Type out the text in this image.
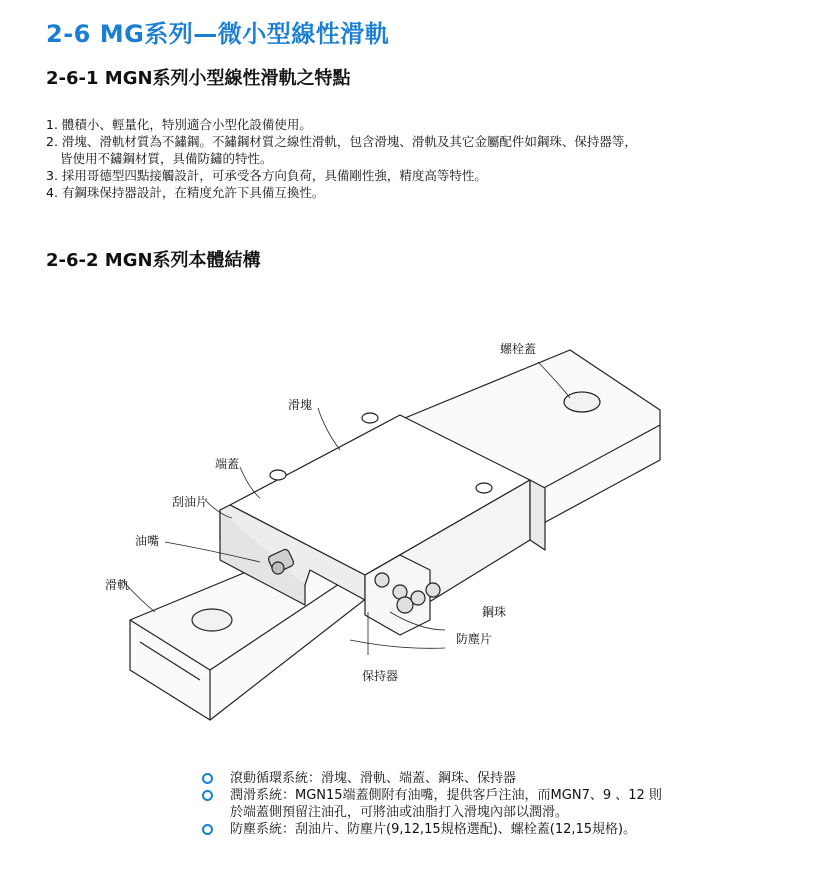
2-6 MG系列—微小型線性滑軌
2-6-1 MGN系列小型線性滑軌之特點
1. 體積小、輕量化，特別適合小型化設備使用。
2. 滑塊、滑軌材質為不鏽鋼。不鏽鋼材質之線性滑軌，包含滑塊、滑軌及其它金屬配件如鋼珠、保持器等，
皆使用不鏽鋼材質，具備防鏽的特性。
3. 採用哥德型四點接觸設計，可承受各方向負荷，具備剛性強，精度高等特性。
4. 有鋼珠保持器設計，在精度允許下具備互換性。
2-6-2 MGN系列本體結構
螺栓蓋
滑塊
端蓋
刮油片
油嘴
滑軌
鋼珠
防塵片
保持器
滾動循環系統：滑塊、滑軌、端蓋、鋼珠、保持器
潤滑系統：MGN15端蓋側附有油嘴，提供客戶注油，而MGN7、9 、12 則
於端蓋側預留注油孔，可將油或油脂打入滑塊內部以潤滑。
防塵系統：刮油片、防塵片(9,12,15規格選配)、螺栓蓋(12,15規格)。
